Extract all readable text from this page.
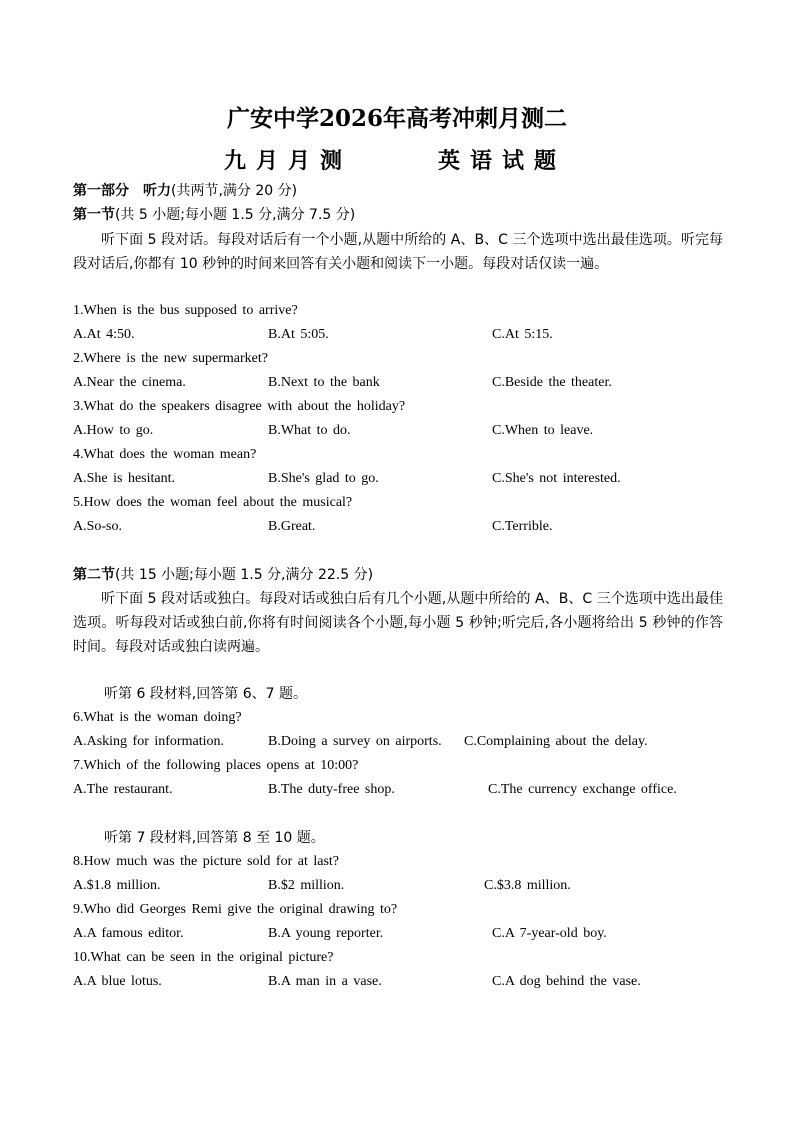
广安中学2026年高考冲刺月测二
九月月测	英语试题
第一部分　听力(共两节,满分 20 分)
第一节(共 5 小题;每小题 1.5 分,满分 7.5 分)
听下面 5 段对话。每段对话后有一个小题,从题中所给的 A、B、C 三个选项中选出最佳选项。听完每段对话后,你都有 10 秒钟的时间来回答有关小题和阅读下一小题。每段对话仅读一遍。
1.When is the bus supposed to arrive?
A.At 4:50.	B.At 5:05.	C.At 5:15.
2.Where is the new supermarket?
A.Near the cinema.	B.Next to the bank	C.Beside the theater.
3.What do the speakers disagree with about the holiday?
A.How to go.	B.What to do.	C.When to leave.
4.What does the woman mean?
A.She is hesitant.	B.She's glad to go.	C.She's not interested.
5.How does the woman feel about the musical?
A.So-so.	B.Great.	C.Terrible.
第二节(共 15 小题;每小题 1.5 分,满分 22.5 分)
听下面 5 段对话或独白。每段对话或独白后有几个小题,从题中所给的 A、B、C 三个选项中选出最佳选项。听每段对话或独白前,你将有时间阅读各个小题,每小题 5 秒钟;听完后,各小题将给出 5 秒钟的作答时间。每段对话或独白读两遍。
听第 6 段材料,回答第 6、7 题。
6.What is the woman doing?
A.Asking for information.	B.Doing a survey on airports. C.Complaining about the delay.
7.Which of the following places opens at 10:00?
A.The restaurant.	B.The duty-free shop.	C.The currency exchange office.
听第 7 段材料,回答第 8 至 10 题。
8.How much was the picture sold for at last?
A.$1.8 million.	B.$2 million.	C.$3.8 million.
9.Who did Georges Remi give the original drawing to?
A.A famous editor.	B.A young reporter.	C.A 7-year-old boy.
10.What can be seen in the original picture?
A.A blue lotus.	B.A man in a vase.	C.A dog behind the vase.
